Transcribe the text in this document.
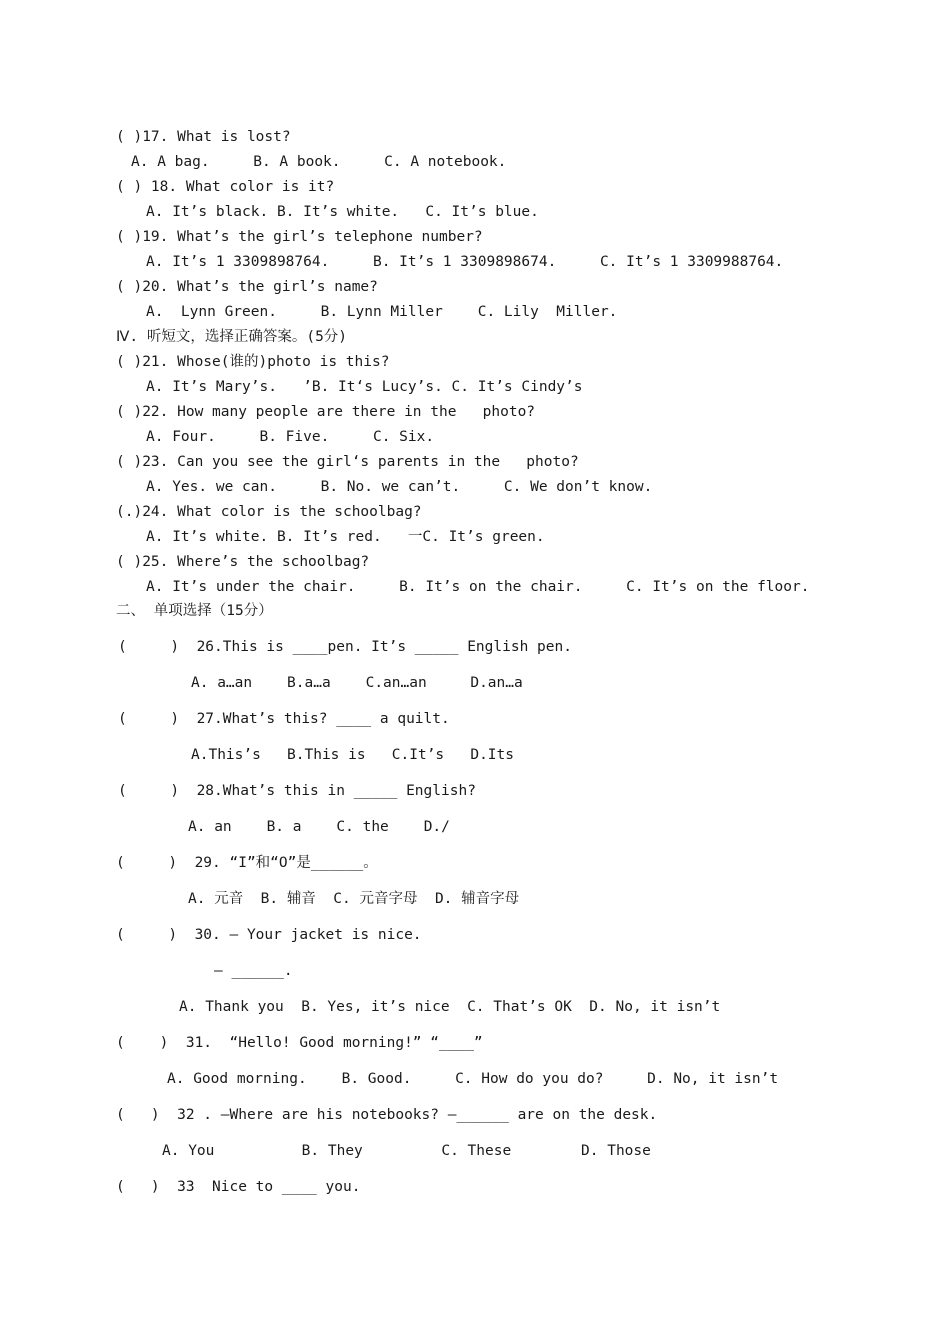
( )17. What is lost?
A. A bag.     B. A book.     C. A notebook.
( ) 18. What color is it?
A. It’s black. B. It’s white.   C. It’s blue.
( )19. What’s the girl’s telephone number?
A. It’s 1 3309898764.     B. It’s 1 3309898674.     C. It’s 1 3309988764.
( )20. What’s the girl’s name?
A.  Lynn Green.     B. Lynn Miller    C. Lily  Miller.
Ⅳ. 听短文，选择正确答案。(5分)
( )21. Whose(谁的)photo is this?
A. It’s Mary’s.   ’B. It‘s Lucy’s. C. It’s Cindy’s
( )22. How many people are there in the   photo?
A. Four.     B. Five.     C. Six.
( )23. Can you see the girl‘s parents in the   photo?
A. Yes. we can.     B. No. we can’t.     C. We don’t know.
(.)24. What color is the schoolbag?
A. It’s white. B. It’s red.   一C. It’s green.
( )25. Where’s the schoolbag?
A. It’s under the chair.     B. It’s on the chair.     C. It’s on the floor.
二、 单项选择（15分）
(     )  26.This is ____pen. It’s _____ English pen.
A. a…an    B.a…a    C.an…an     D.an…a
(     )  27.What’s this? ____ a quilt.
A.This’s   B.This is   C.It’s   D.Its
(     )  28.What’s this in _____ English?
A. an    B. a    C. the    D./
(     )  29. “I”和“O”是______。
A. 元音  B. 辅音  C. 元音字母  D. 辅音字母
(     )  30. — Your jacket is nice.
— ______.
A. Thank you  B. Yes, it’s nice  C. That’s OK  D. No, it isn’t
(    )  31.  “Hello! Good morning!” “____”
A. Good morning.    B. Good.     C. How do you do?     D. No, it isn’t
(   )  32 . —Where are his notebooks? —______ are on the desk.
A. You          B. They         C. These        D. Those
(   )  33  Nice to ____ you.
